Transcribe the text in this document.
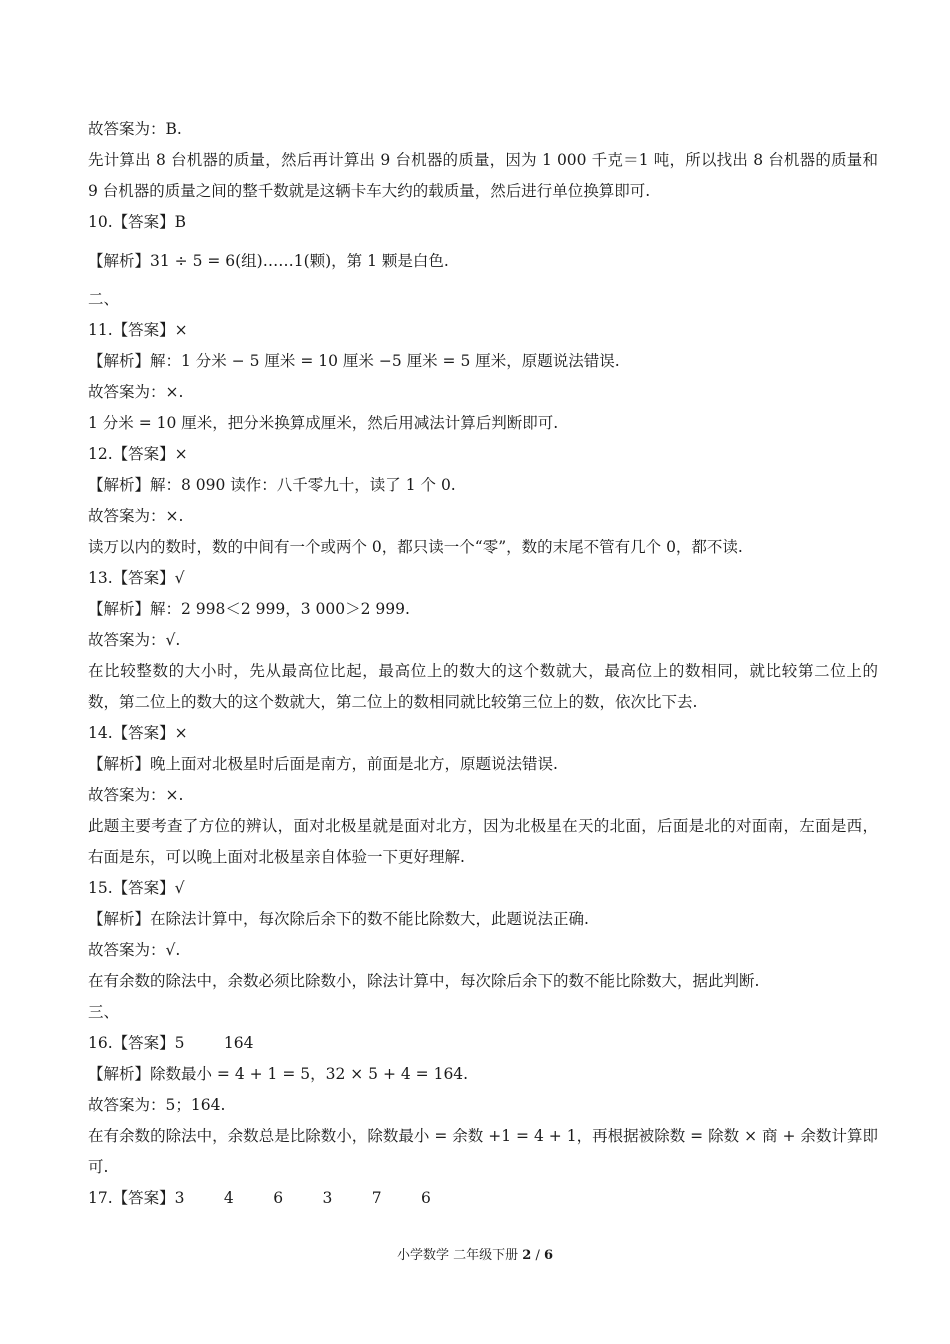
故答案为：B.
先计算出 8 台机器的质量，然后再计算出 9 台机器的质量，因为 1 000 千克＝1 吨，所以找出 8 台机器的质量和 9 台机器的质量之间的整千数就是这辆卡车大约的载质量，然后进行单位换算即可.
10.【答案】B
【解析】31 ÷ 5 = 6(组)……1(颗)，第 1 颗是白色.
二、
11.【答案】×
【解析】解：1 分米 − 5 厘米 = 10 厘米 −5 厘米 = 5 厘米，原题说法错误.
故答案为：×.
1 分米 = 10 厘米，把分米换算成厘米，然后用减法计算后判断即可.
12.【答案】×
【解析】解：8 090 读作：八千零九十，读了 1 个 0.
故答案为：×.
读万以内的数时，数的中间有一个或两个 0，都只读一个“零”，数的末尾不管有几个 0，都不读.
13.【答案】√
【解析】解：2 998＜2 999，3 000＞2 999.
故答案为：√.
在比较整数的大小时，先从最高位比起，最高位上的数大的这个数就大，最高位上的数相同，就比较第二位上的数，第二位上的数大的这个数就大，第二位上的数相同就比较第三位上的数，依次比下去.
14.【答案】×
【解析】晚上面对北极星时后面是南方，前面是北方，原题说法错误.
故答案为：×.
此题主要考查了方位的辨认，面对北极星就是面对北方，因为北极星在天的北面，后面是北的对面南，左面是西，右面是东，可以晚上面对北极星亲自体验一下更好理解.
15.【答案】√
【解析】在除法计算中，每次除后余下的数不能比除数大，此题说法正确.
故答案为：√.
在有余数的除法中，余数必须比除数小，除法计算中，每次除后余下的数不能比除数大，据此判断.
三、
16.【答案】5        164
【解析】除数最小 = 4 + 1 = 5，32 × 5 + 4 = 164.
故答案为：5；164.
在有余数的除法中，余数总是比除数小，除数最小 = 余数 +1 = 4 + 1，再根据被除数 = 除数 × 商 + 余数计算即可.
17.【答案】3        4        6        3        7        6
小学数学 二年级下册 2 / 6
